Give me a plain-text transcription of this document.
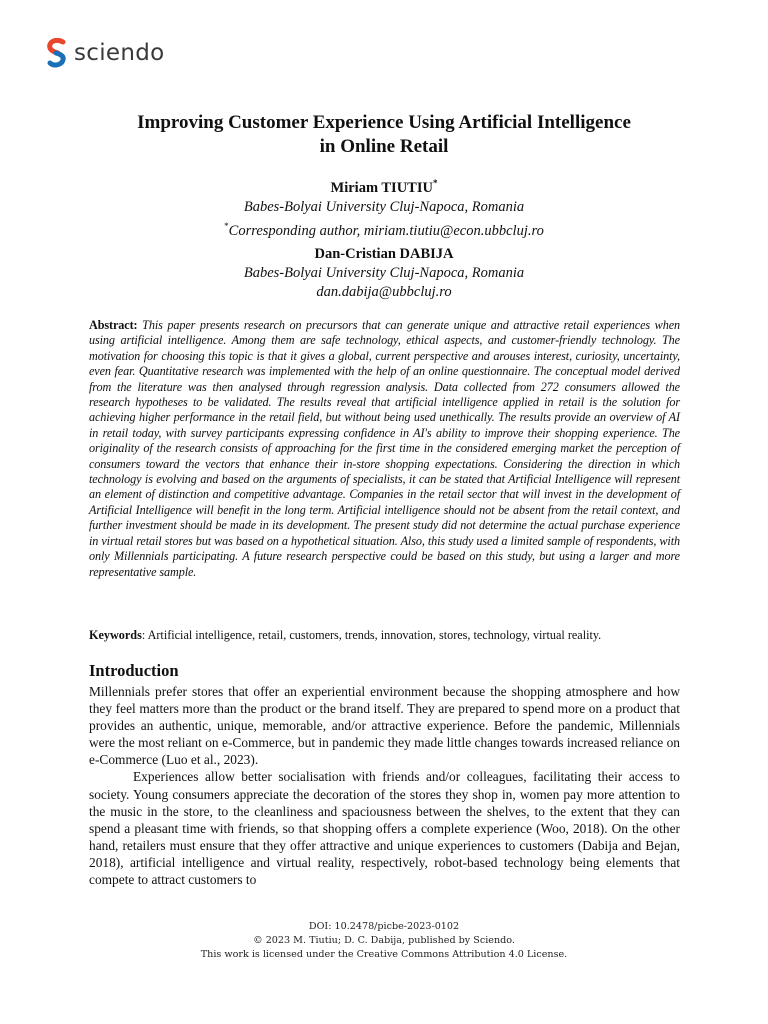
sciendo
Improving Customer Experience Using Artificial Intelligence
in Online Retail
Miriam TIUTIU*
Babes-Bolyai University Cluj-Napoca, Romania
*Corresponding author, miriam.tiutiu@econ.ubbcluj.ro
Dan-Cristian DABIJA
Babes-Bolyai University Cluj-Napoca, Romania
dan.dabija@ubbcluj.ro
Abstract: This paper presents research on precursors that can generate unique and attractive retail experiences when using artificial intelligence. Among them are safe technology, ethical aspects, and customer-friendly technology. The motivation for choosing this topic is that it gives a global, current perspective and arouses interest, curiosity, uncertainty, even fear. Quantitative research was implemented with the help of an online questionnaire. The conceptual model derived from the literature was then analysed through regression analysis. Data collected from 272 consumers allowed the research hypotheses to be validated. The results reveal that artificial intelligence applied in retail is the solution for achieving higher performance in the retail field, but without being used unethically. The results provide an overview of AI in retail today, with survey participants expressing confidence in AI's ability to improve their shopping experience. The originality of the research consists of approaching for the first time in the considered emerging market the perception of consumers toward the vectors that enhance their in-store shopping expectations. Considering the direction in which technology is evolving and based on the arguments of specialists, it can be stated that Artificial Intelligence will represent an element of distinction and competitive advantage. Companies in the retail sector that will invest in the development of Artificial Intelligence will benefit in the long term. Artificial intelligence should not be absent from the retail context, and further investment should be made in its development. The present study did not determine the actual purchase experience in virtual retail stores but was based on a hypothetical situation. Also, this study used a limited sample of respondents, with only Millennials participating. A future research perspective could be based on this study, but using a larger and more representative sample.
Keywords: Artificial intelligence, retail, customers, trends, innovation, stores, technology, virtual reality.
Introduction

Millennials prefer stores that offer an experiential environment because the shopping atmosphere and how they feel matters more than the product or the brand itself. They are prepared to spend more on a product that provides an authentic, unique, memorable, and/or attractive experience. Before the pandemic, Millennials were the most reliant on e-Commerce, but in pandemic they made little changes towards increased reliance on e-Commerce (Luo et al., 2023).

Experiences allow better socialisation with friends and/or colleagues, facilitating their access to society. Young consumers appreciate the decoration of the stores they shop in, women pay more attention to the music in the store, to the cleanliness and spaciousness between the shelves, to the extent that they can spend a pleasant time with friends, so that shopping offers a complete experience (Woo, 2018). On the other hand, retailers must ensure that they offer attractive and unique experiences to customers (Dabija and Bejan, 2018), artificial intelligence and virtual reality, respectively, robot-based technology being elements that compete to attract customers to

DOI: 10.2478/picbe-2023-0102
© 2023 M. Tiutiu; D. C. Dabija, published by Sciendo.
This work is licensed under the Creative Commons Attribution 4.0 License.
